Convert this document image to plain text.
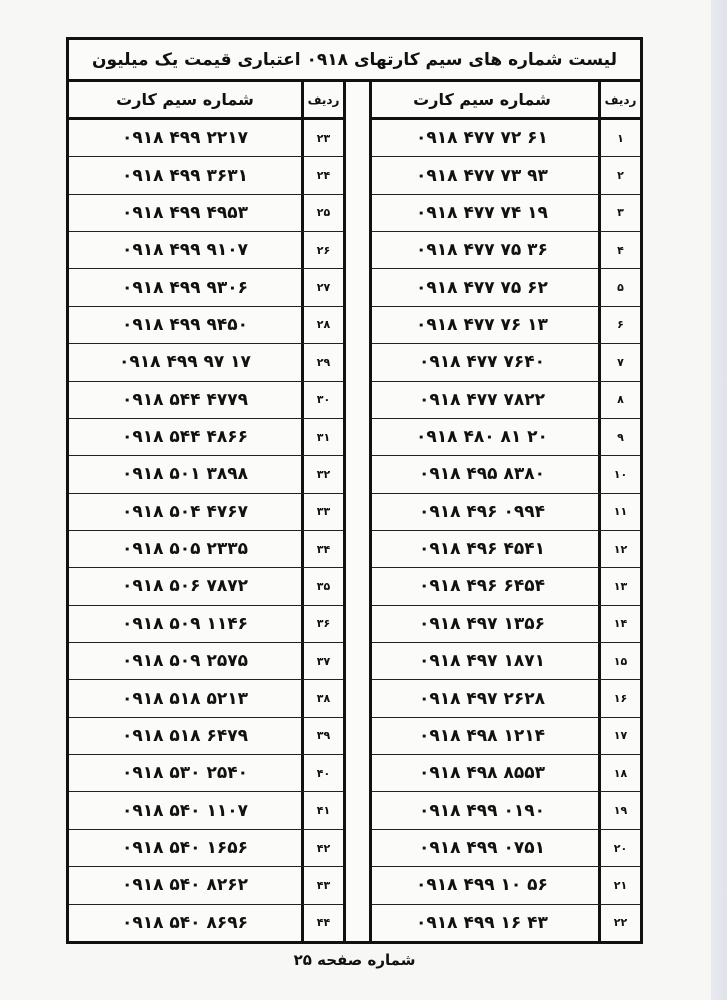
لیست شماره های سیم کارتهای ۰۹۱۸ اعتباری قیمت یک میلیون
ردیف
شماره سیم کارت
۱
۰۹۱۸ ۴۷۷ ۷۲ ۶۱
۲
۰۹۱۸ ۴۷۷ ۷۳ ۹۳
۳
۰۹۱۸ ۴۷۷ ۷۴ ۱۹
۴
۰۹۱۸ ۴۷۷ ۷۵ ۳۶
۵
۰۹۱۸ ۴۷۷ ۷۵ ۶۲
۶
۰۹۱۸ ۴۷۷ ۷۶ ۱۳
۷
۰۹۱۸ ۴۷۷ ۷۶۴۰
۸
۰۹۱۸ ۴۷۷ ۷۸۲۲
۹
۰۹۱۸ ۴۸۰ ۸۱ ۲۰
۱۰
۰۹۱۸ ۴۹۵ ۸۳۸۰
۱۱
۰۹۱۸ ۴۹۶ ۰۹۹۴
۱۲
۰۹۱۸ ۴۹۶ ۴۵۴۱
۱۳
۰۹۱۸ ۴۹۶ ۶۴۵۴
۱۴
۰۹۱۸ ۴۹۷ ۱۳۵۶
۱۵
۰۹۱۸ ۴۹۷ ۱۸۷۱
۱۶
۰۹۱۸ ۴۹۷ ۲۶۲۸
۱۷
۰۹۱۸ ۴۹۸ ۱۲۱۴
۱۸
۰۹۱۸ ۴۹۸ ۸۵۵۳
۱۹
۰۹۱۸ ۴۹۹ ۰۱۹۰
۲۰
۰۹۱۸ ۴۹۹ ۰۷۵۱
۲۱
۰۹۱۸ ۴۹۹ ۱۰ ۵۶
۲۲
۰۹۱۸ ۴۹۹ ۱۶ ۴۳
ردیف
شماره سیم کارت
۲۳
۰۹۱۸ ۴۹۹ ۲۲۱۷
۲۴
۰۹۱۸ ۴۹۹ ۳۶۳۱
۲۵
۰۹۱۸ ۴۹۹ ۴۹۵۳
۲۶
۰۹۱۸ ۴۹۹ ۹۱۰۷
۲۷
۰۹۱۸ ۴۹۹ ۹۳۰۶
۲۸
۰۹۱۸ ۴۹۹ ۹۴۵۰
۲۹
۰۹۱۸ ۴۹۹ ۹۷ ۱۷
۳۰
۰۹۱۸ ۵۴۴ ۴۷۷۹
۳۱
۰۹۱۸ ۵۴۴ ۴۸۶۶
۳۲
۰۹۱۸ ۵۰۱ ۳۸۹۸
۳۳
۰۹۱۸ ۵۰۴ ۴۷۶۷
۳۴
۰۹۱۸ ۵۰۵ ۲۳۳۵
۳۵
۰۹۱۸ ۵۰۶ ۷۸۷۲
۳۶
۰۹۱۸ ۵۰۹ ۱۱۴۶
۳۷
۰۹۱۸ ۵۰۹ ۲۵۷۵
۳۸
۰۹۱۸ ۵۱۸ ۵۲۱۳
۳۹
۰۹۱۸ ۵۱۸ ۶۴۷۹
۴۰
۰۹۱۸ ۵۳۰ ۲۵۴۰
۴۱
۰۹۱۸ ۵۴۰ ۱۱۰۷
۴۲
۰۹۱۸ ۵۴۰ ۱۶۵۶
۴۳
۰۹۱۸ ۵۴۰ ۸۲۶۲
۴۴
۰۹۱۸ ۵۴۰ ۸۶۹۶
شماره صفحه ۲۵
